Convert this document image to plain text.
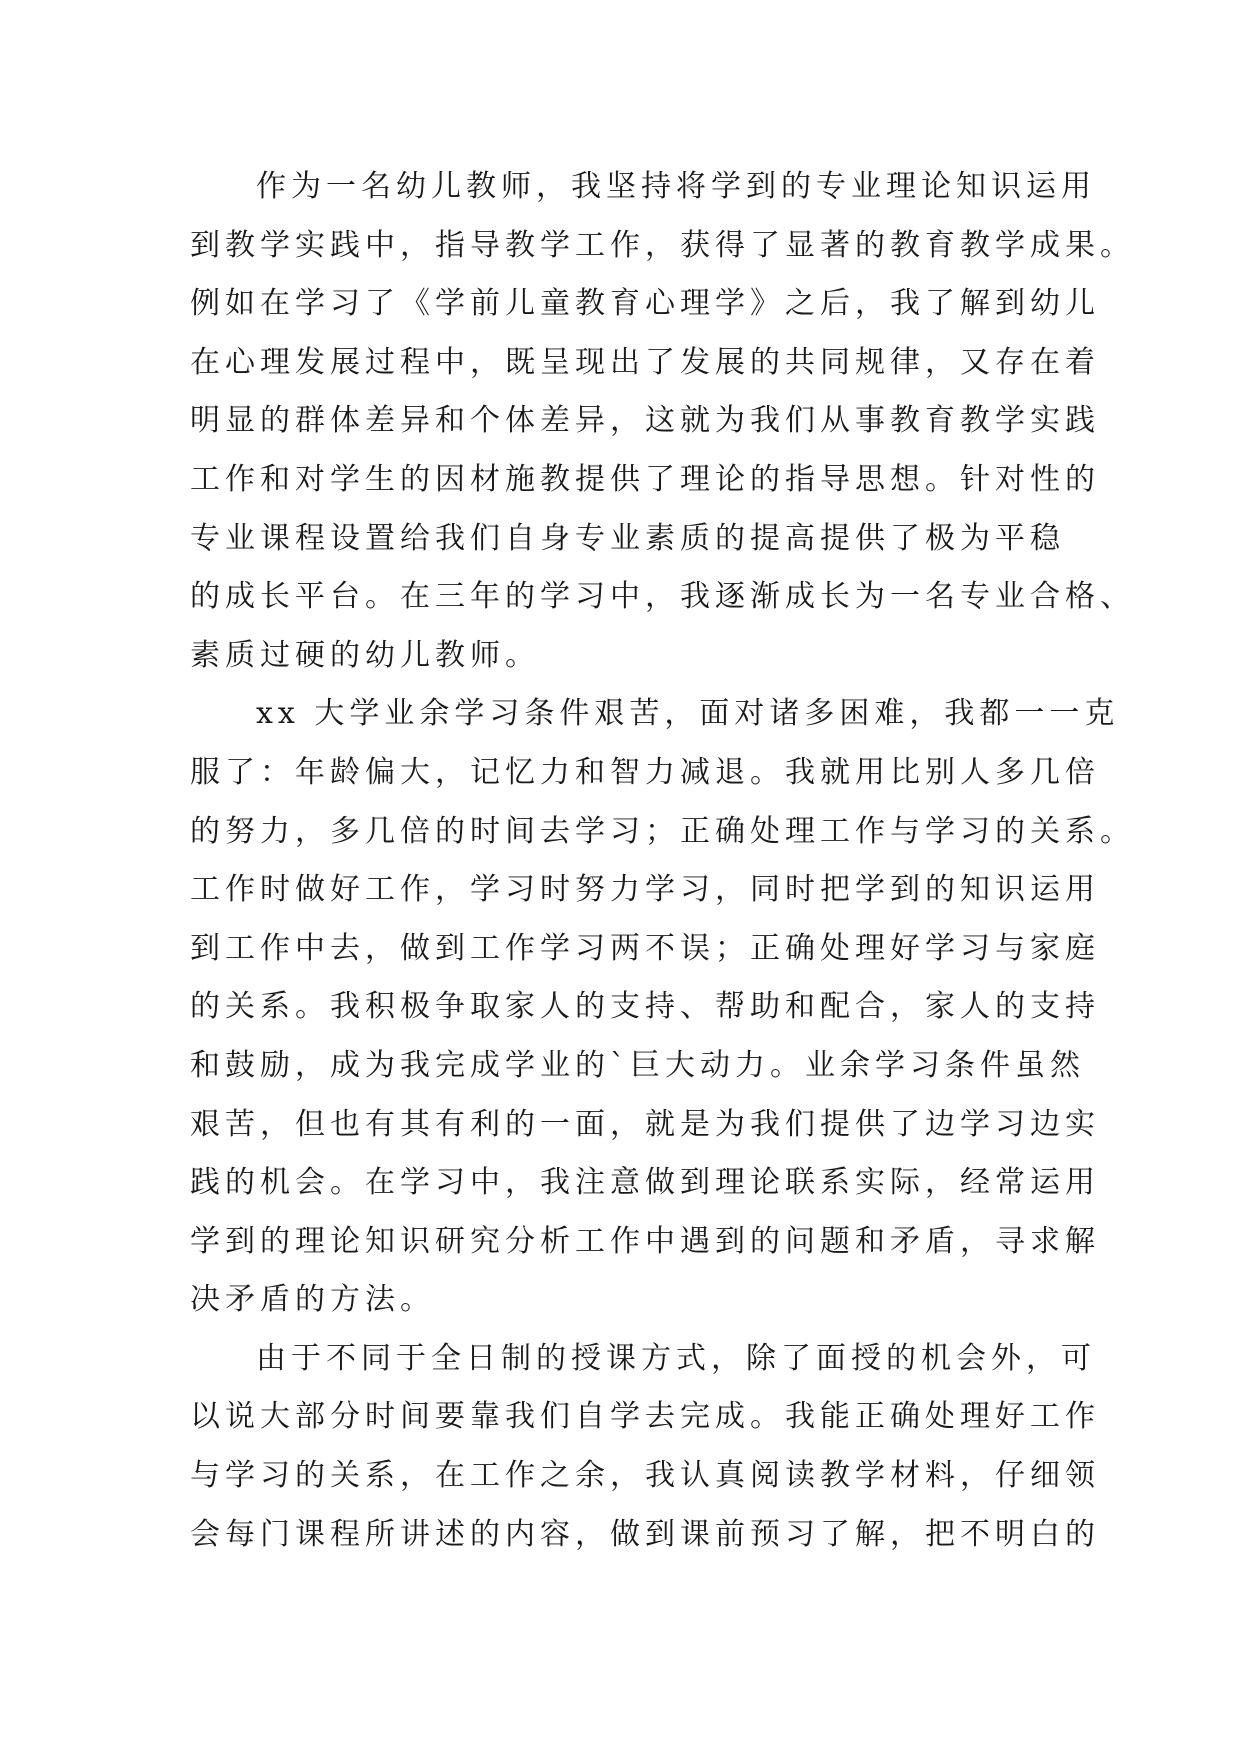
作为一名幼儿教师，我坚持将学到的专业理论知识运用
到教学实践中，指导教学工作，获得了显著的教育教学成果。
例如在学习了《学前儿童教育心理学》之后，我了解到幼儿
在心理发展过程中，既呈现出了发展的共同规律，又存在着
明显的群体差异和个体差异，这就为我们从事教育教学实践
工作和对学生的因材施教提供了理论的指导思想。针对性的
专业课程设置给我们自身专业素质的提高提供了极为平稳
的成长平台。在三年的学习中，我逐渐成长为一名专业合格、
素质过硬的幼儿教师。
xx 大学业余学习条件艰苦，面对诸多困难，我都一一克
服了：年龄偏大，记忆力和智力减退。我就用比别人多几倍
的努力，多几倍的时间去学习；正确处理工作与学习的关系。
工作时做好工作，学习时努力学习，同时把学到的知识运用
到工作中去，做到工作学习两不误；正确处理好学习与家庭
的关系。我积极争取家人的支持、帮助和配合，家人的支持
和鼓励，成为我完成学业的`巨大动力。业余学习条件虽然
艰苦，但也有其有利的一面，就是为我们提供了边学习边实
践的机会。在学习中，我注意做到理论联系实际，经常运用
学到的理论知识研究分析工作中遇到的问题和矛盾，寻求解
决矛盾的方法。
由于不同于全日制的授课方式，除了面授的机会外，可
以说大部分时间要靠我们自学去完成。我能正确处理好工作
与学习的关系，在工作之余，我认真阅读教学材料，仔细领
会每门课程所讲述的内容，做到课前预习了解，把不明白的
